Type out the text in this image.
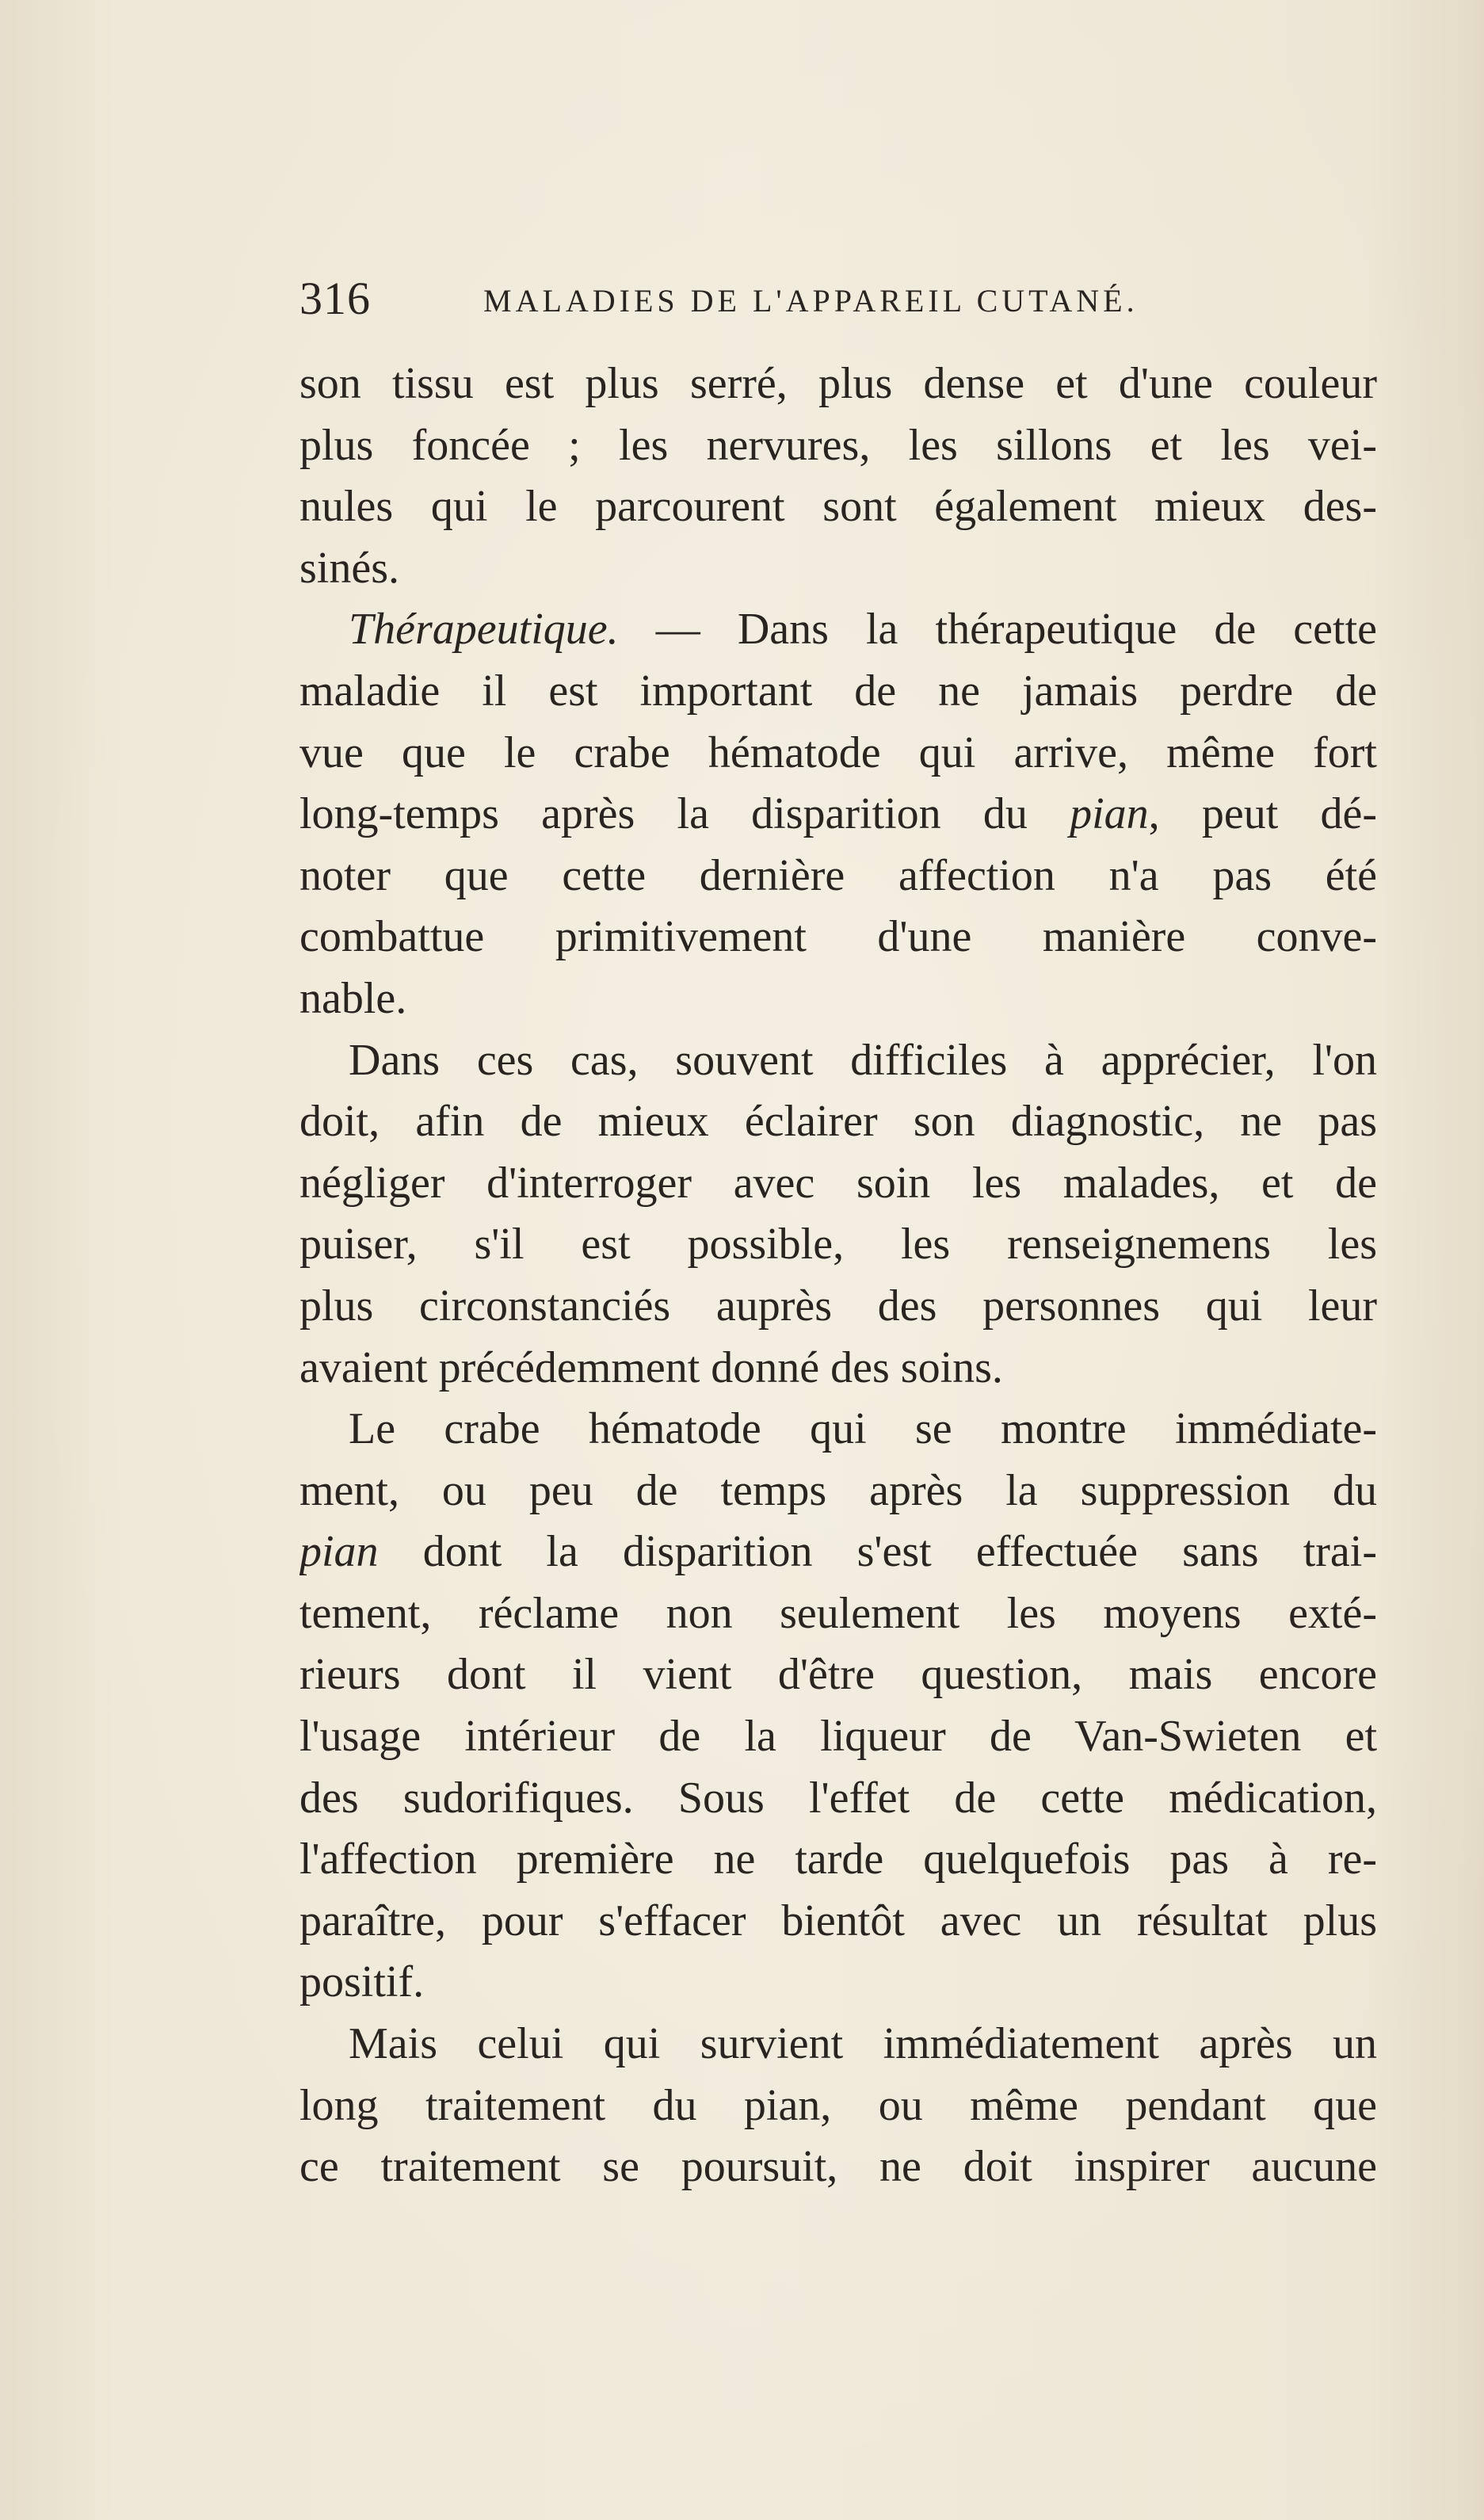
316	MALADIES DE L'APPAREIL CUTANÉ.
son tissu est plus serré, plus dense et d'une couleur
plus foncée ; les nervures, les sillons et les vei-
nules qui le parcourent sont également mieux des-
sinés.
Thérapeutique. — Dans la thérapeutique de cette
maladie il est important de ne jamais perdre de
vue que le crabe hématode qui arrive, même fort
long-temps après la disparition du pian, peut dé-
noter que cette dernière affection n'a pas été
combattue primitivement d'une manière conve-
nable.
Dans ces cas, souvent difficiles à apprécier, l'on
doit, afin de mieux éclairer son diagnostic, ne pas
négliger d'interroger avec soin les malades, et de
puiser, s'il est possible, les renseignemens les
plus circonstanciés auprès des personnes qui leur
avaient précédemment donné des soins.
Le crabe hématode qui se montre immédiate-
ment, ou peu de temps après la suppression du
pian dont la disparition s'est effectuée sans trai-
tement, réclame non seulement les moyens exté-
rieurs dont il vient d'être question, mais encore
l'usage intérieur de la liqueur de Van-Swieten et
des sudorifiques. Sous l'effet de cette médication,
l'affection première ne tarde quelquefois pas à re-
paraître, pour s'effacer bientôt avec un résultat plus
positif.
Mais celui qui survient immédiatement après un
long traitement du pian, ou même pendant que
ce traitement se poursuit, ne doit inspirer aucune
